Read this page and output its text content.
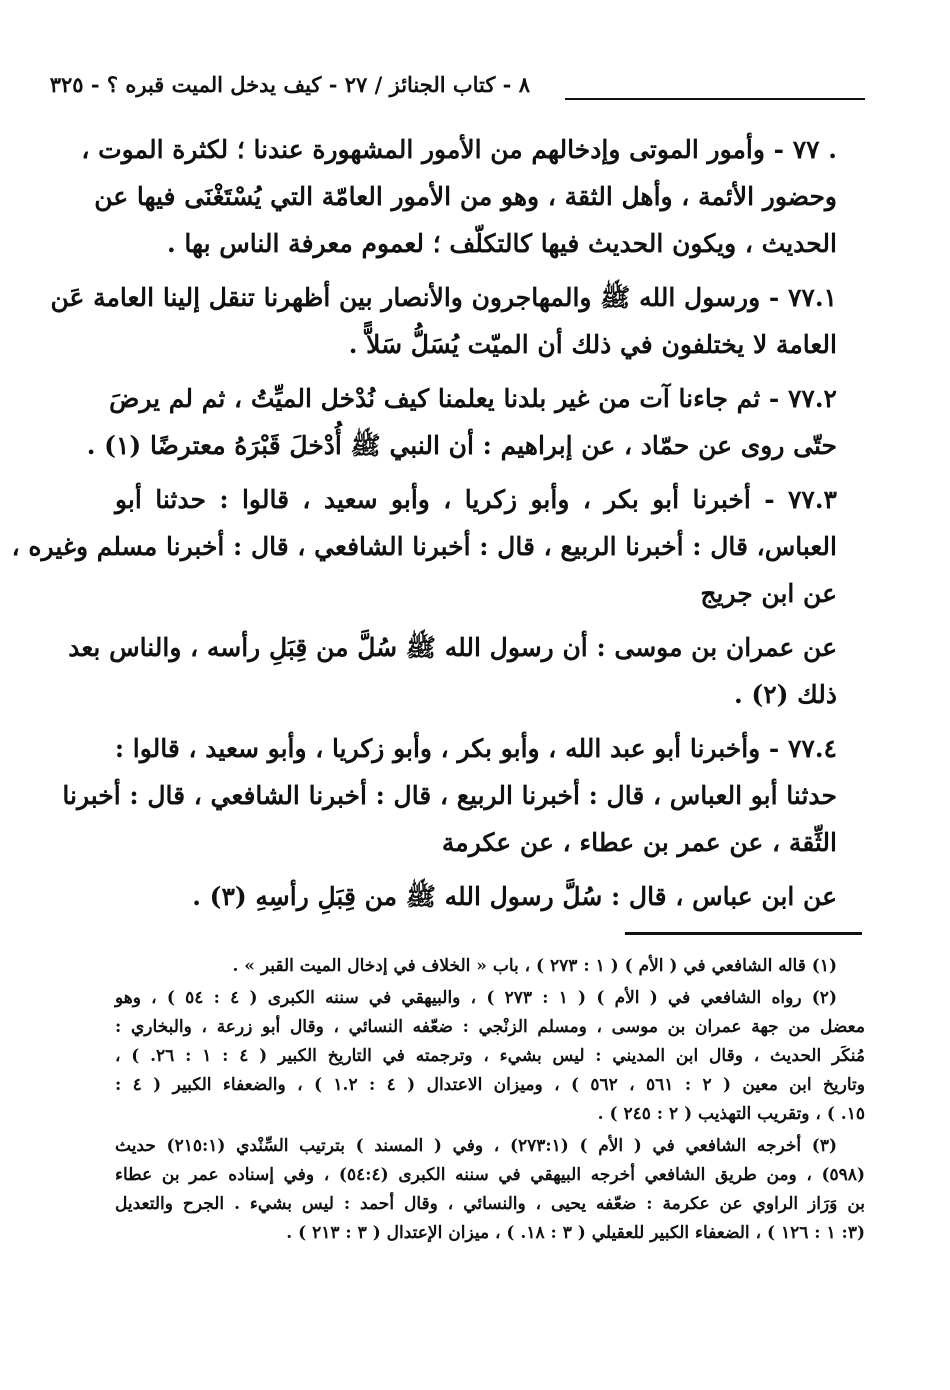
٨ - كتاب الجنائز / ٢٧ - كيف يدخل الميت قبره ؟ - ٣٢٥
. ٧٧ - وأمور الموتى وإدخالهم من الأمور المشهورة عندنا ؛ لكثرة الموت ،
وحضور الأئمة ، وأهل الثقة ، وهو من الأمور العامّة التي يُسْتَغْنَى فيها عن
الحديث ، ويكون الحديث فيها كالتكلّف ؛ لعموم معرفة الناس بها .
٧٧.١ - ورسول الله ﷺ والمهاجرون والأنصار بين أظهرنا تنقل إلينا العامة عَن
العامة لا يختلفون في ذلك أن الميّت يُسَلُّ سَلاًّ .
٧٧.٢ - ثم جاءنا آت من غير بلدنا يعلمنا كيف نُدْخل الميِّتُ ، ثم لم يرضَ
حتّى روى عن حمّاد ، عن إبراهيم : أن النبي ﷺ أُدْخلَ قَبْرَهُ معترضًا (١) .
٧٧.٣ - أخبرنا أبو بكر ، وأبو زكريا ، وأبو سعيد ، قالوا : حدثنا أبو
العباس، قال : أخبرنا الربيع ، قال : أخبرنا الشافعي ، قال : أخبرنا مسلم وغيره ،
عن ابن جريج
عن عمران بن موسى : أن رسول الله ﷺ سُلَّ من قِبَلِ رأسه ، والناس بعد
ذلك (٢) .
٧٧.٤ - وأخبرنا أبو عبد الله ، وأبو بكر ، وأبو زكريا ، وأبو سعيد ، قالوا :
حدثنا أبو العباس ، قال : أخبرنا الربيع ، قال : أخبرنا الشافعي ، قال : أخبرنا
الثِّقة ، عن عمر بن عطاء ، عن عكرمة
عن ابن عباس ، قال : سُلَّ رسول الله ﷺ من قِبَلِ رأسِهِ (٣) .
(١) قاله الشافعي في ( الأم ) ( ١ : ٢٧٣ ) ، باب « الخلاف في إدخال الميت القبر » .
(٢) رواه الشافعي في ( الأم ) ( ١ : ٢٧٣ ) ، والبيهقي في سننه الكبرى ( ٤ : ٥٤ ) ، وهو
معضل من جهة عمران بن موسى ، ومسلم الزنْجي : ضعّفه النسائي ، وقال أبو زرعة ، والبخاري :
مُنكَر الحديث ، وقال ابن المديني : ليس بشيء ، وترجمته في التاريخ الكبير ( ٤ : ١ : ٢٦. ) ،
وتاريخ ابن معين ( ٢ : ٥٦١ ، ٥٦٢ ) ، وميزان الاعتدال ( ٤ : ١.٢ ) ، والضعفاء الكبير ( ٤ :
١٥. ) ، وتقريب التهذيب ( ٢ : ٢٤٥ ) .
(٣) أخرجه الشافعي في ( الأم ) (٢٧٣:١) ، وفي ( المسند ) بترتيب السِّنْدي (٢١٥:١) حديث
(٥٩٨) ، ومن طريق الشافعي أخرجه البيهقي في سننه الكبرى (٥٤:٤) ، وفي إسناده عمر بن عطاء
بن وَرَاز الراوي عن عكرمة : ضعّفه يحيى ، والنسائي ، وقال أحمد : ليس بشيء . الجرح والتعديل
(٣: ١ : ١٢٦ ) ، الضعفاء الكبير للعقيلي ( ٣ : ١٨. ) ، ميزان الإعتدال ( ٣ : ٢١٣ ) .
